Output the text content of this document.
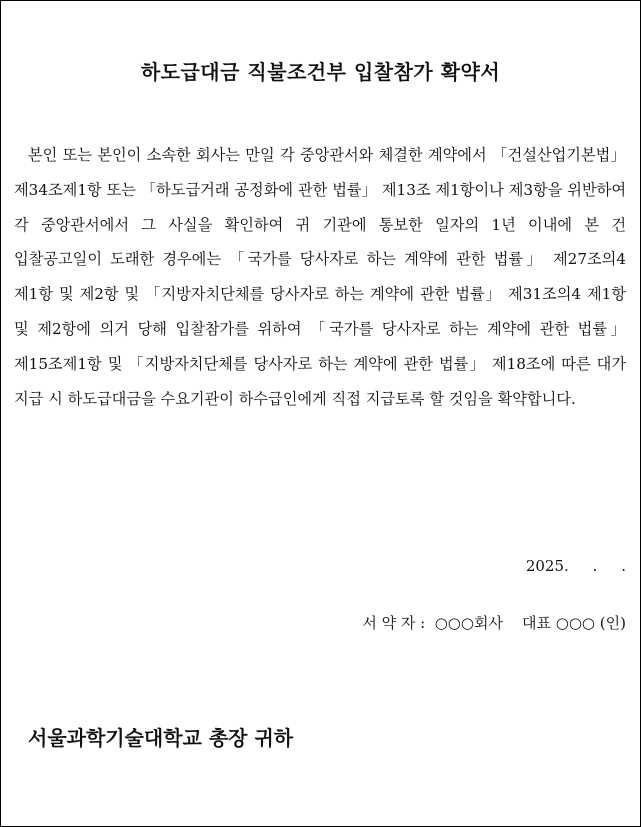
하도급대금 직불조건부 입찰참가 확약서
본인 또는 본인이 소속한 회사는 만일 각 중앙관서와 체결한 계약에서 「건설산업기본법」 제34조제1항 또는 「하도급거래 공정화에 관한 법률」 제13조 제1항이나 제3항을 위반하여 각 중앙관서에서 그 사실을 확인하여 귀 기관에 통보한 일자의 1년 이내에 본 건 입찰공고일이 도래한 경우에는 「국가를 당사자로 하는 계약에 관한 법률」 제27조의4 제1항 및 제2항 및 「지방자치단체를 당사자로 하는 계약에 관한 법률」 제31조의4 제1항 및 제2항에 의거 당해 입찰참가를 위하여 「국가를 당사자로 하는 계약에 관한 법률」 제15조제1항 및 「지방자치단체를 당사자로 하는 계약에 관한 법률」 제18조에 따른 대가 지급 시 하도급대금을 수요기관이 하수급인에게 직접 지급토록 할 것임을 확약합니다.
2025.     .     .
서 약 자 :  ○○○회사    대표 ○○○ (인)
서울과학기술대학교 총장 귀하
